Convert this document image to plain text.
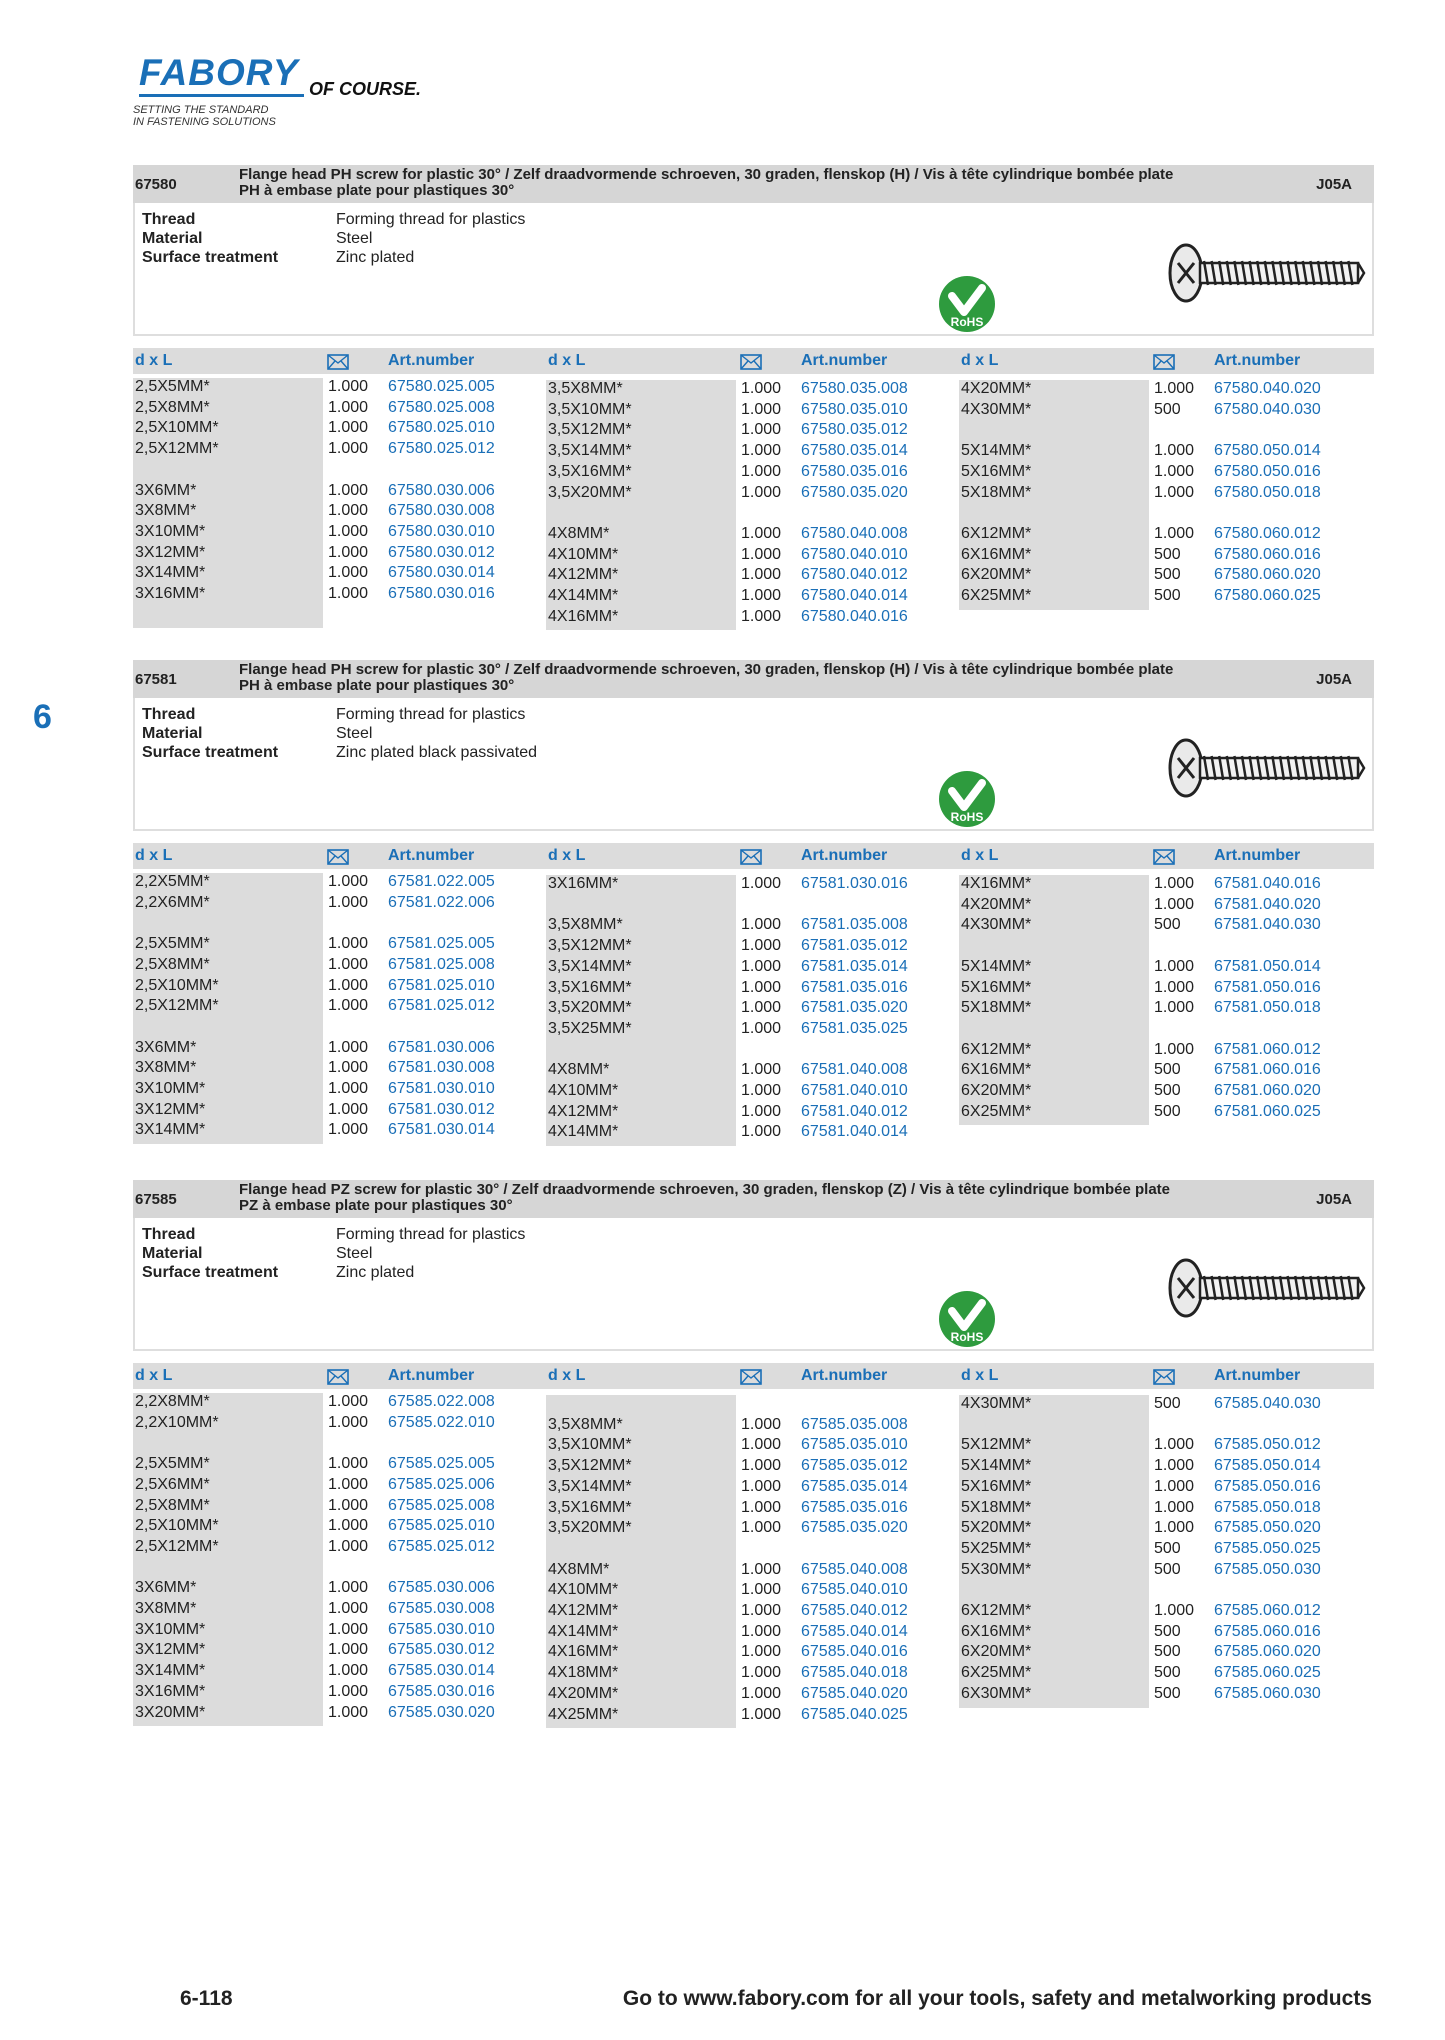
FABORY OF COURSE.
SETTING THE STANDARD
IN FASTENING SOLUTIONS
6
67580
Flange head PH screw for plastic 30° / Zelf draadvormende schroeven, 30 graden, flenskop (H) / Vis à tête cylindrique bombée plate
PH à embase plate pour plastiques 30°	J05A
Thread	Forming thread for plastics
Material	Steel
Surface treatment	Zinc plated
RoHS
d x L	Art.number	d x L	Art.number	d x L	Art.number
2,5X5MM*	1.000 67580.025.005
2,5X8MM*	1.000 67580.025.008
2,5X10MM*	1.000 67580.025.010
2,5X12MM*	1.000 67580.025.012
3X6MM*	1.000 67580.030.006
3X8MM*	1.000 67580.030.008
3X10MM*	1.000 67580.030.010
3X12MM*	1.000 67580.030.012
3X14MM*	1.000 67580.030.014
3X16MM*	1.000 67580.030.016
3,5X8MM*	1.000 67580.035.008
3,5X10MM*	1.000 67580.035.010
3,5X12MM*	1.000 67580.035.012
3,5X14MM*	1.000 67580.035.014
3,5X16MM*	1.000 67580.035.016
3,5X20MM*	1.000 67580.035.020
4X8MM*	1.000 67580.040.008
4X10MM*	1.000 67580.040.010
4X12MM*	1.000 67580.040.012
4X14MM*	1.000 67580.040.014
4X16MM*	1.000 67580.040.016
4X20MM*	1.000 67580.040.020
4X30MM*	500 67580.040.030
5X14MM*	1.000 67580.050.014
5X16MM*	1.000 67580.050.016
5X18MM*	1.000 67580.050.018
6X12MM*	1.000 67580.060.012
6X16MM*	500 67580.060.016
6X20MM*	500 67580.060.020
6X25MM*	500 67580.060.025
67581
Flange head PH screw for plastic 30° / Zelf draadvormende schroeven, 30 graden, flenskop (H) / Vis à tête cylindrique bombée plate
PH à embase plate pour plastiques 30°	J05A
Thread	Forming thread for plastics
Material	Steel
Surface treatment	Zinc plated black passivated
RoHS
d x L	Art.number	d x L	Art.number	d x L	Art.number
2,2X5MM*	1.000 67581.022.005
2,2X6MM*	1.000 67581.022.006
2,5X5MM*	1.000 67581.025.005
2,5X8MM*	1.000 67581.025.008
2,5X10MM*	1.000 67581.025.010
2,5X12MM*	1.000 67581.025.012
3X6MM*	1.000 67581.030.006
3X8MM*	1.000 67581.030.008
3X10MM*	1.000 67581.030.010
3X12MM*	1.000 67581.030.012
3X14MM*	1.000 67581.030.014
3X16MM*	1.000 67581.030.016
3,5X8MM*	1.000 67581.035.008
3,5X12MM*	1.000 67581.035.012
3,5X14MM*	1.000 67581.035.014
3,5X16MM*	1.000 67581.035.016
3,5X20MM*	1.000 67581.035.020
3,5X25MM*	1.000 67581.035.025
4X8MM*	1.000 67581.040.008
4X10MM*	1.000 67581.040.010
4X12MM*	1.000 67581.040.012
4X14MM*	1.000 67581.040.014
4X16MM*	1.000 67581.040.016
4X20MM*	1.000 67581.040.020
4X30MM*	500 67581.040.030
5X14MM*	1.000 67581.050.014
5X16MM*	1.000 67581.050.016
5X18MM*	1.000 67581.050.018
6X12MM*	1.000 67581.060.012
6X16MM*	500 67581.060.016
6X20MM*	500 67581.060.020
6X25MM*	500 67581.060.025
67585
Flange head PZ screw for plastic 30° / Zelf draadvormende schroeven, 30 graden, flenskop (Z) / Vis à tête cylindrique bombée plate
PZ à embase plate pour plastiques 30°	J05A
Thread	Forming thread for plastics
Material	Steel
Surface treatment	Zinc plated
RoHS
d x L	Art.number	d x L	Art.number	d x L	Art.number
2,2X8MM*	1.000 67585.022.008
2,2X10MM*	1.000 67585.022.010
2,5X5MM*	1.000 67585.025.005
2,5X6MM*	1.000 67585.025.006
2,5X8MM*	1.000 67585.025.008
2,5X10MM*	1.000 67585.025.010
2,5X12MM*	1.000 67585.025.012
3X6MM*	1.000 67585.030.006
3X8MM*	1.000 67585.030.008
3X10MM*	1.000 67585.030.010
3X12MM*	1.000 67585.030.012
3X14MM*	1.000 67585.030.014
3X16MM*	1.000 67585.030.016
3X20MM*	1.000 67585.030.020
3,5X8MM*	1.000 67585.035.008
3,5X10MM*	1.000 67585.035.010
3,5X12MM*	1.000 67585.035.012
3,5X14MM*	1.000 67585.035.014
3,5X16MM*	1.000 67585.035.016
3,5X20MM*	1.000 67585.035.020
4X8MM*	1.000 67585.040.008
4X10MM*	1.000 67585.040.010
4X12MM*	1.000 67585.040.012
4X14MM*	1.000 67585.040.014
4X16MM*	1.000 67585.040.016
4X18MM*	1.000 67585.040.018
4X20MM*	1.000 67585.040.020
4X25MM*	1.000 67585.040.025
4X30MM*	500 67585.040.030
5X12MM*	1.000 67585.050.012
5X14MM*	1.000 67585.050.014
5X16MM*	1.000 67585.050.016
5X18MM*	1.000 67585.050.018
5X20MM*	1.000 67585.050.020
5X25MM*	500 67585.050.025
5X30MM*	500 67585.050.030
6X12MM*	1.000 67585.060.012
6X16MM*	500 67585.060.016
6X20MM*	500 67585.060.020
6X25MM*	500 67585.060.025
6X30MM*	500 67585.060.030
6-118	Go to www.fabory.com for all your tools, safety and metalworking products
